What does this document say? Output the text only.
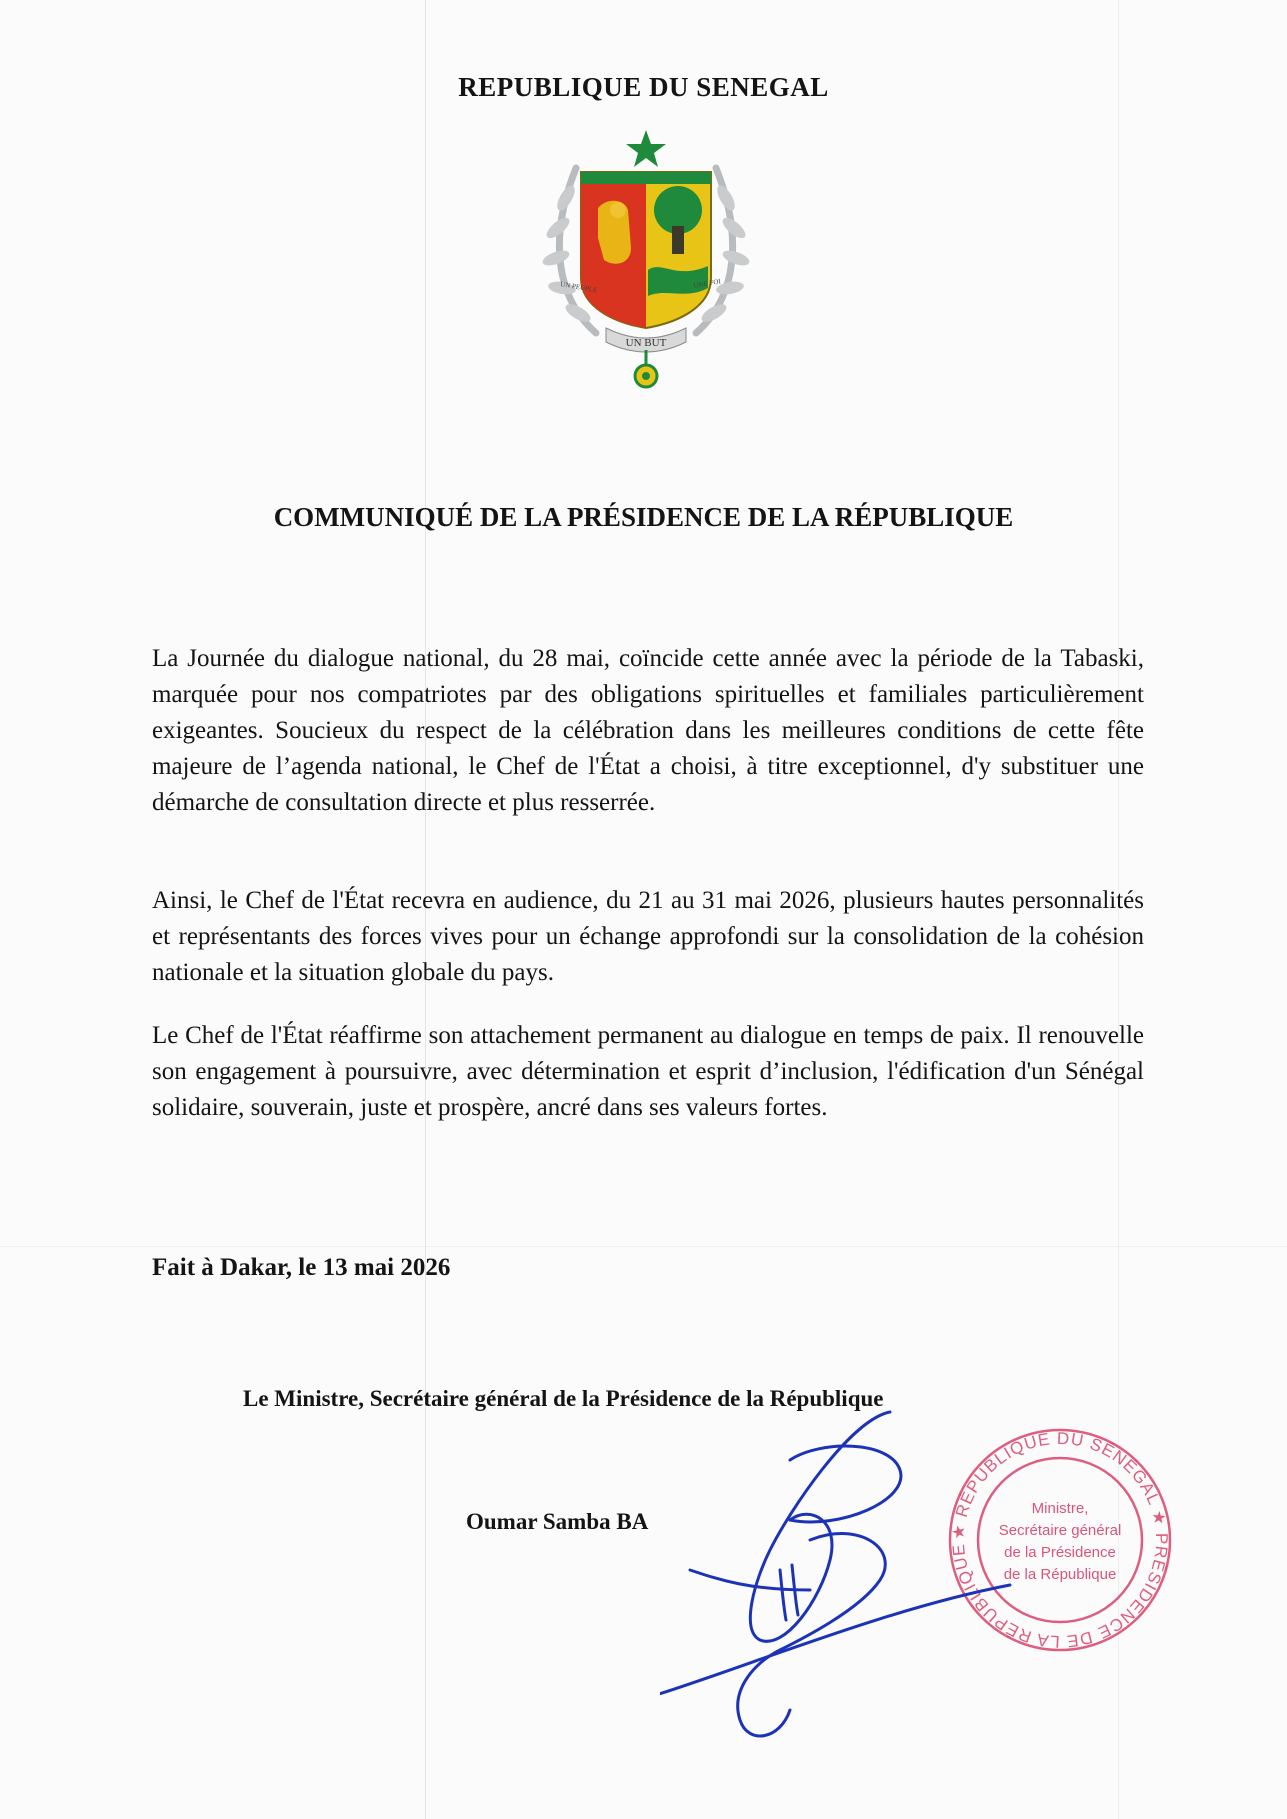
REPUBLIQUE DU SENEGAL
UN BUT
UN PEUPLE	UNE FOI
COMMUNIQUÉ DE LA PRÉSIDENCE DE LA RÉPUBLIQUE
La Journée du dialogue national, du 28 mai, coïncide cette année avec la période de la Tabaski, marquée pour nos compatriotes par des obligations spirituelles et familiales particulièrement exigeantes. Soucieux du respect de la célébration dans les meilleures conditions de cette fête majeure de l’agenda national, le Chef de l'État a choisi, à titre exceptionnel, d'y substituer une démarche de consultation directe et plus resserrée.
Ainsi, le Chef de l'État recevra en audience, du 21 au 31 mai 2026, plusieurs hautes personnalités et représentants des forces vives pour un échange approfondi sur la consolidation de la cohésion nationale et la situation globale du pays.
Le Chef de l'État réaffirme son attachement permanent au dialogue en temps de paix. Il renouvelle son engagement à poursuivre, avec détermination et esprit d’inclusion, l'édification d'un Sénégal solidaire, souverain, juste et prospère, ancré dans ses valeurs fortes.
Fait à Dakar, le 13 mai 2026
Le Ministre, Secrétaire général de la Présidence de la République
Oumar Samba BA	★ RÉPUBLIQUE DU SÉNÉGAL ★ PRÉSIDENCE DE LA RÉPUBLIQUE
Ministre,
Secrétaire général
de la Présidence
de la République
